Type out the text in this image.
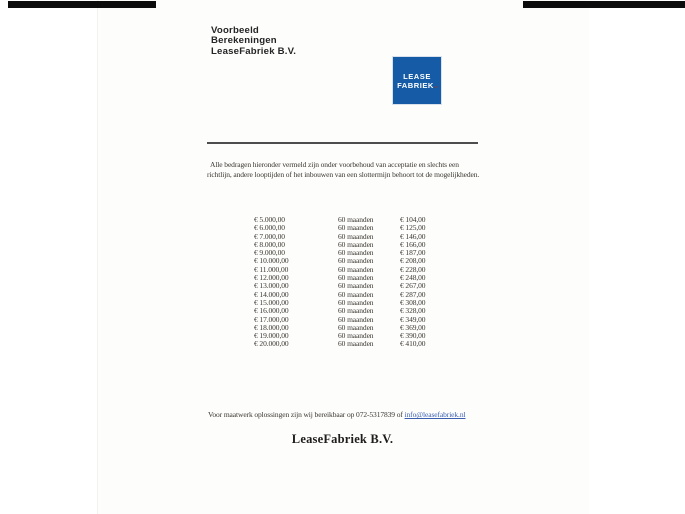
Voorbeeld
Berekeningen
LeaseFabriek B.V.
LEASE
FABRIEK
Alle bedragen hieronder vermeld zijn onder voorbehoud van acceptatie en slechts een
richtlijn, andere looptijden of het inbouwen van een slottermijn behoort tot de mogelijkheden.
€ 5.000,00	60 maanden	€ 104,00
€ 6.000,00	60 maanden	€ 125,00
€ 7.000,00	60 maanden	€ 146,00
€ 8.000,00	60 maanden	€ 166,00
€ 9.000,00	60 maanden	€ 187,00
€ 10.000,00	60 maanden	€ 208,00
€ 11.000,00	60 maanden	€ 228,00
€ 12.000,00	60 maanden	€ 248,00
€ 13.000,00	60 maanden	€ 267,00
€ 14.000,00	60 maanden	€ 287,00
€ 15.000,00	60 maanden	€ 308,00
€ 16.000,00	60 maanden	€ 328,00
€ 17.000,00	60 maanden	€ 349,00
€ 18.000,00	60 maanden	€ 369,00
€ 19.000,00	60 maanden	€ 390,00
€ 20.000,00	60 maanden	€ 410,00
Voor maatwerk oplossingen zijn wij bereikbaar op 072-5317839 of info@leasefabriek.nl
LeaseFabriek B.V.
